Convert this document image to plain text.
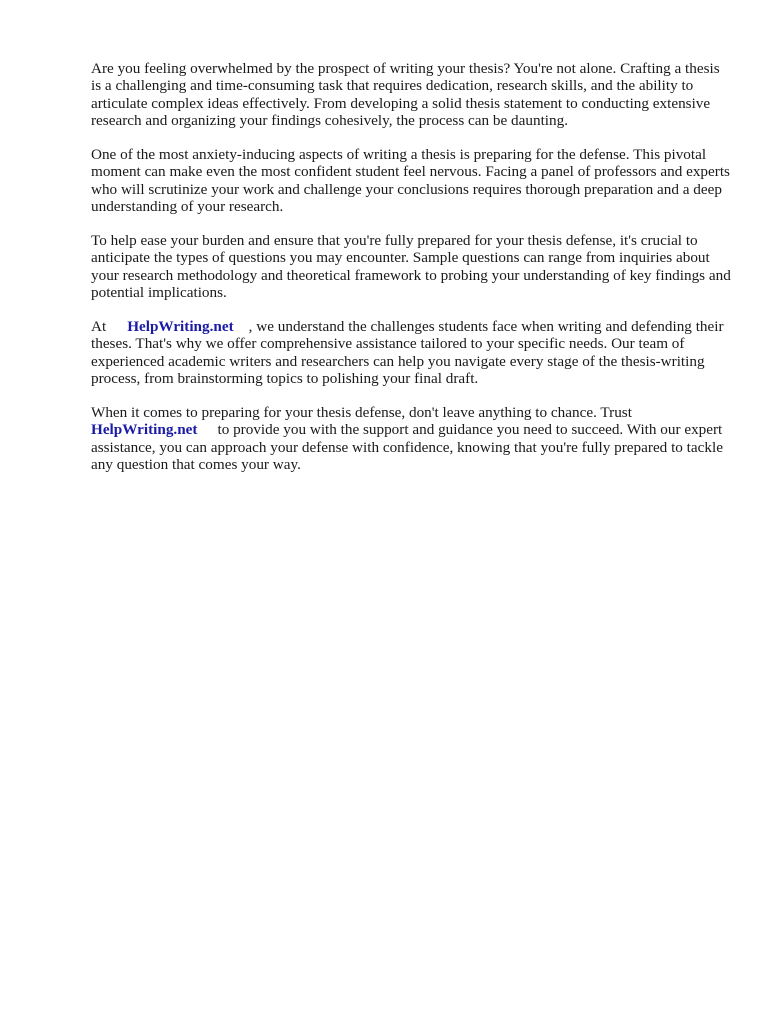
Are you feeling overwhelmed by the prospect of writing your thesis? You're not alone. Crafting a thesis is a challenging and time-consuming task that requires dedication, research skills, and the ability to articulate complex ideas effectively. From developing a solid thesis statement to conducting extensive research and organizing your findings cohesively, the process can be daunting.

One of the most anxiety-inducing aspects of writing a thesis is preparing for the defense. This pivotal moment can make even the most confident student feel nervous. Facing a panel of professors and experts who will scrutinize your work and challenge your conclusions requires thorough preparation and a deep understanding of your research.

To help ease your burden and ensure that you're fully prepared for your thesis defense, it's crucial to anticipate the types of questions you may encounter. Sample questions can range from inquiries about your research methodology and theoretical framework to probing your understanding of key findings and potential implications.

At HelpWriting.net , we understand the challenges students face when writing and defending their theses. That's why we offer comprehensive assistance tailored to your specific needs. Our team of experienced academic writers and researchers can help you navigate every stage of the thesis-writing process, from brainstorming topics to polishing your final draft.

When it comes to preparing for your thesis defense, don't leave anything to chance. Trust HelpWriting.net to provide you with the support and guidance you need to succeed. With our expert assistance, you can approach your defense with confidence, knowing that you're fully prepared to tackle any question that comes your way.
